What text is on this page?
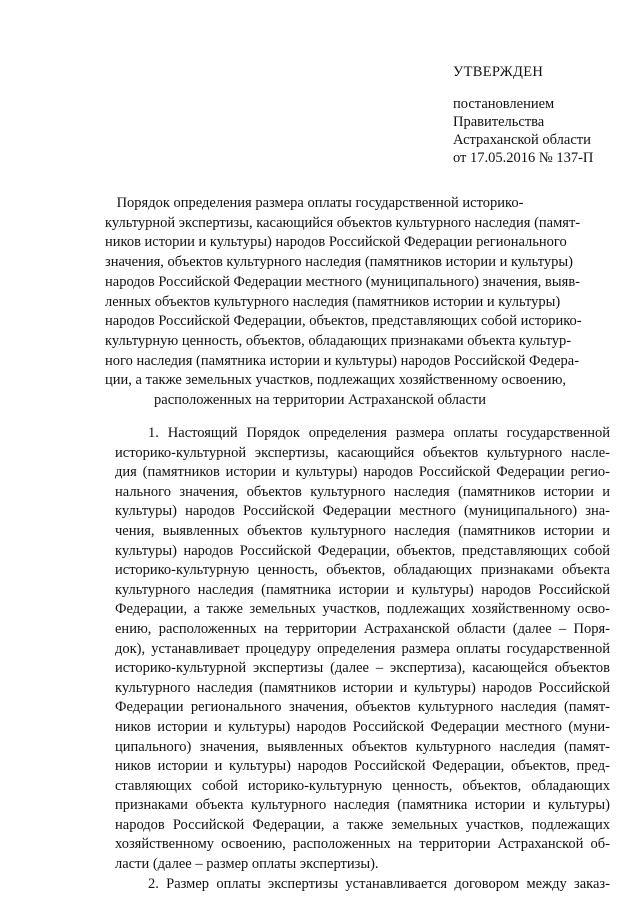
УТВЕРЖДЕН
постановлением
Правительства
Астраханской области
от 17.05.2016 № 137-П
Порядок определения размера оплаты государственной историко-
культурной экспертизы, касающийся объектов культурного наследия (памят-
ников истории и культуры) народов Российской Федерации регионального
значения, объектов культурного наследия (памятников истории и культуры)
народов Российской Федерации местного (муниципального) значения, выяв-
ленных объектов культурного наследия (памятников истории и культуры)
народов Российской Федерации, объектов, представляющих собой историко-
культурную ценность, объектов, обладающих признаками объекта культур-
ного наследия (памятника истории и культуры) народов Российской Федера-
ции, а также земельных участков, подлежащих хозяйственному освоению,
расположенных на территории Астраханской области
1. Настоящий Порядок определения размера оплаты государственной
историко-культурной экспертизы, касающийся объектов культурного насле-
дия (памятников истории и культуры) народов Российской Федерации регио-
нального значения, объектов культурного наследия (памятников истории и
культуры) народов Российской Федерации местного (муниципального) зна-
чения, выявленных объектов культурного наследия (памятников истории и
культуры) народов Российской Федерации, объектов, представляющих собой
историко-культурную ценность, объектов, обладающих признаками объекта
культурного наследия (памятника истории и культуры) народов Российской
Федерации, а также земельных участков, подлежащих хозяйственному осво-
ению, расположенных на территории Астраханской области (далее – Поря-
док), устанавливает процедуру определения размера оплаты государственной
историко-культурной экспертизы (далее – экспертиза), касающейся объектов
культурного наследия (памятников истории и культуры) народов Российской
Федерации регионального значения, объектов культурного наследия (памят-
ников истории и культуры) народов Российской Федерации местного (муни-
ципального) значения, выявленных объектов культурного наследия (памят-
ников истории и культуры) народов Российской Федерации, объектов, пред-
ставляющих собой историко-культурную ценность, объектов, обладающих
признаками объекта культурного наследия (памятника истории и культуры)
народов Российской Федерации, а также земельных участков, подлежащих
хозяйственному освоению, расположенных на территории Астраханской об-
ласти (далее – размер оплаты экспертизы).
2. Размер оплаты экспертизы устанавливается договором между заказ-
